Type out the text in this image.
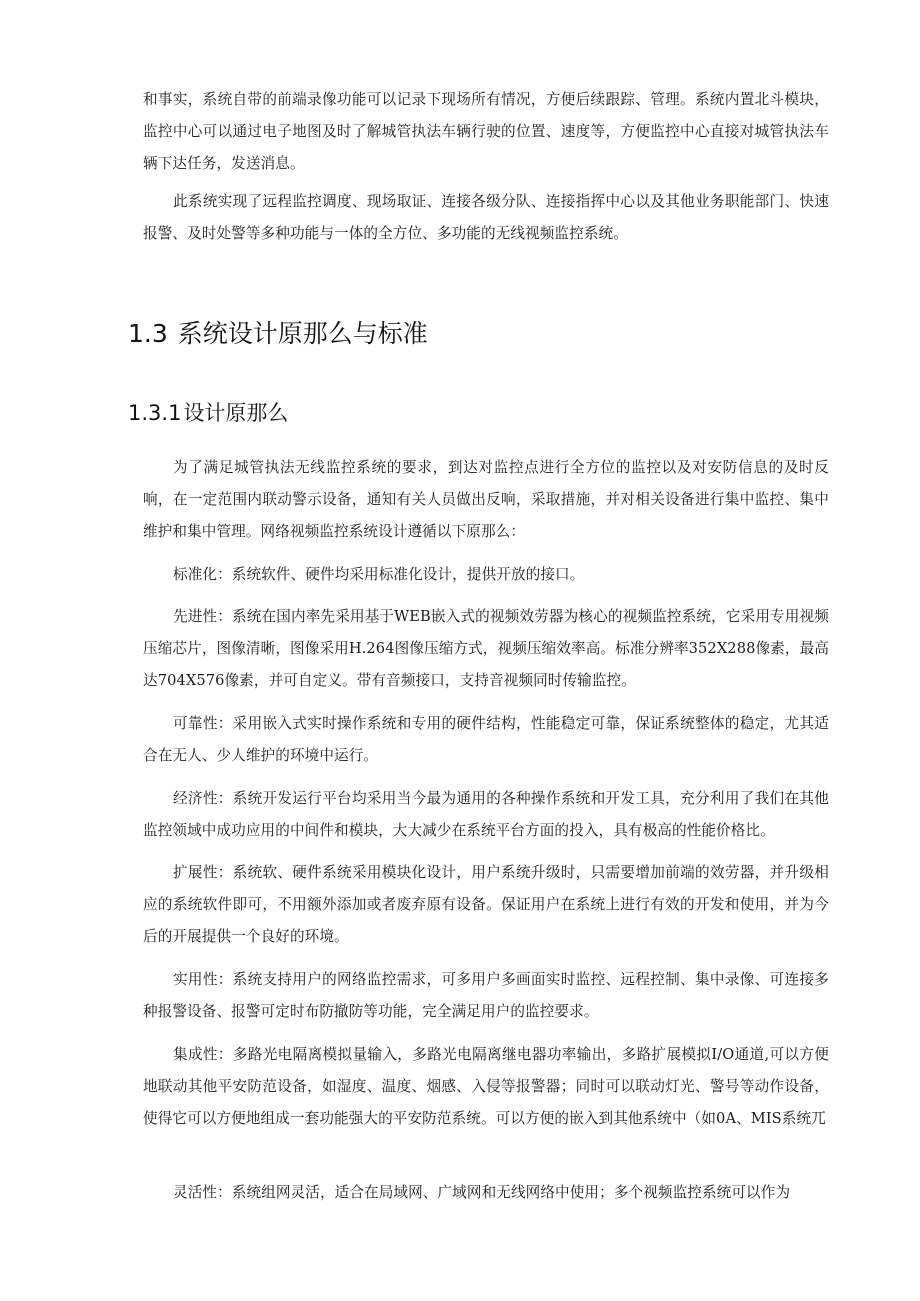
和事实，系统自带的前端录像功能可以记录下现场所有情况，方便后续跟踪、管理。系统内置北斗模块，监控中心可以通过电子地图及时了解城管执法车辆行驶的位置、速度等，方便监控中心直接对城管执法车辆下达任务，发送消息。

此系统实现了远程监控调度、现场取证、连接各级分队、连接指挥中心以及其他业务职能部门、快速报警、及时处警等多种功能与一体的全方位、多功能的无线视频监控系统。

1.3 系统设计原那么与标准
1.3.1设计原那么

为了满足城管执法无线监控系统的要求，到达对监控点进行全方位的监控以及对安防信息的及时反响，在一定范围内联动警示设备，通知有关人员做出反响，采取措施，并对相关设备进行集中监控、集中维护和集中管理。网络视频监控系统设计遵循以下原那么：

标准化：系统软件、硬件均采用标准化设计，提供开放的接口。

先进性：系统在国内率先采用基于WEB嵌入式的视频效劳器为核心的视频监控系统，它采用专用视频压缩芯片，图像清晰，图像采用H.264图像压缩方式，视频压缩效率高。标准分辨率352X288像素，最高达704X576像素，并可自定义。带有音频接口，支持音视频同时传输监控。

可靠性：采用嵌入式实时操作系统和专用的硬件结构，性能稳定可靠，保证系统整体的稳定，尤其适合在无人、少人维护的环境中运行。

经济性：系统开发运行平台均采用当今最为通用的各种操作系统和开发工具，充分利用了我们在其他监控领域中成功应用的中间件和模块，大大减少在系统平台方面的投入，具有极高的性能价格比。

扩展性：系统软、硬件系统采用模块化设计，用户系统升级时，只需要增加前端的效劳器，并升级相应的系统软件即可，不用额外添加或者废弃原有设备。保证用户在系统上进行有效的开发和使用，并为今后的开展提供一个良好的环境。

实用性：系统支持用户的网络监控需求，可多用户多画面实时监控、远程控制、集中录像、可连接多种报警设备、报警可定时布防撤防等功能，完全满足用户的监控要求。

集成性：多路光电隔离模拟量输入，多路光电隔离继电器功率输出，多路扩展模拟I/O通道,可以方便地联动其他平安防范设备，如湿度、温度、烟感、入侵等报警器；同时可以联动灯光、警号等动作设备，使得它可以方便地组成一套功能强大的平安防范系统。可以方便的嵌入到其他系统中（如0A、MIS系统兀

灵活性：系统组网灵活，适合在局域网、广域网和无线网络中使用；多个视频监控系统可以作为
